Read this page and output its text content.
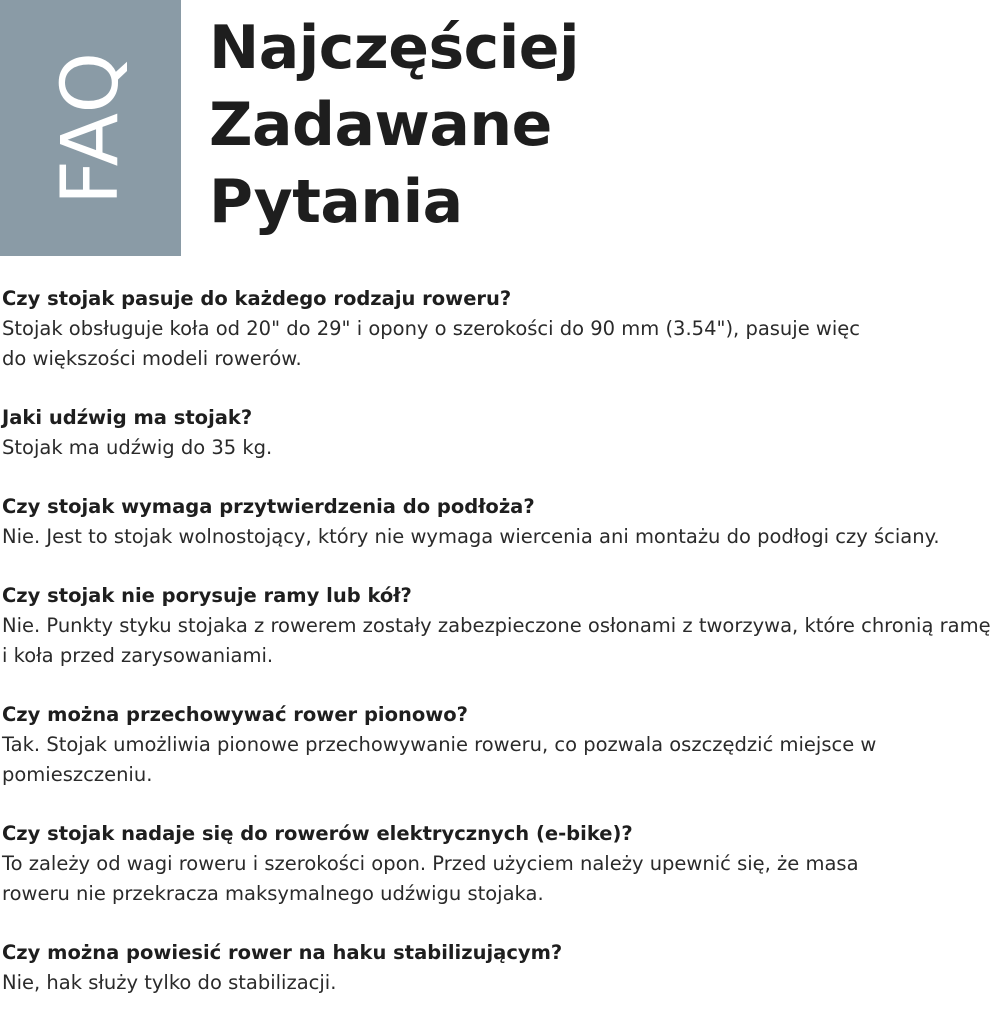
FAQ
Najczęściej
Zadawane
Pytania

Czy stojak pasuje do każdego rodzaju roweru?

Stojak obsługuje koła od 20" do 29" i opony o szerokości do 90 mm (3.54"), pasuje więc do większości modeli rowerów.

Jaki udźwig ma stojak?

Stojak ma udźwig do 35 kg.

Czy stojak wymaga przytwierdzenia do podłoża?

Nie. Jest to stojak wolnostojący, który nie wymaga wiercenia ani montażu do podłogi czy ściany.

Czy stojak nie porysuje ramy lub kół?

Nie. Punkty styku stojaka z rowerem zostały zabezpieczone osłonami z tworzywa, które chronią ramę i koła przed zarysowaniami.

Czy można przechowywać rower pionowo?

Tak. Stojak umożliwia pionowe przechowywanie roweru, co pozwala oszczędzić miejsce w pomieszczeniu.

Czy stojak nadaje się do rowerów elektrycznych (e-bike)?

To zależy od wagi roweru i szerokości opon. Przed użyciem należy upewnić się, że masa roweru nie przekracza maksymalnego udźwigu stojaka.

Czy można powiesić rower na haku stabilizującym?

Nie, hak służy tylko do stabilizacji.
